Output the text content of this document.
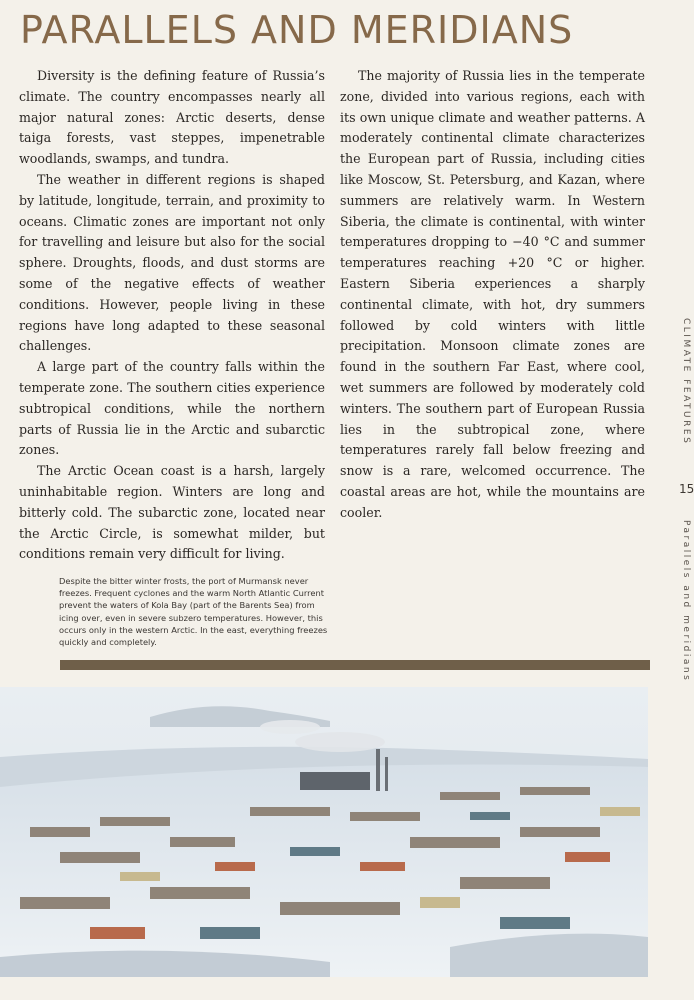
PARALLELS AND MERIDIANS

Diversity is the defining feature of Russia’s climate. The country encompasses nearly all major natural zones: Arctic deserts, dense taiga forests, vast steppes, impenetrable woodlands, swamps, and tundra.

The weather in different regions is shaped by latitude, longitude, terrain, and proximity to oceans. Climatic zones are important not only for travelling and leisure but also for the social sphere. Droughts, floods, and dust storms are some of the negative effects of weather conditions. However, people living in these regions have long adapted to these seasonal challenges.

A large part of the country falls within the temperate zone. The southern cities experience subtropical conditions, while the northern parts of Russia lie in the Arctic and subarctic zones.

The Arctic Ocean coast is a harsh, largely uninhabitable region. Winters are long and bitterly cold. The subarctic zone, located near the Arctic Circle, is somewhat milder, but conditions remain very difficult for living.

The majority of Russia lies in the temperate zone, divided into various regions, each with its own unique climate and weather patterns. A moderately continental climate characterizes the European part of Russia, including cities like Moscow, St. Petersburg, and Kazan, where summers are relatively warm. In Western Siberia, the climate is continental, with winter temperatures dropping to −40 °C and summer temperatures reaching +20 °C or higher. Eastern Siberia experiences a sharply continental climate, with hot, dry summers followed by cold winters with little precipitation. Monsoon climate zones are found in the southern Far East, where cool, wet summers are followed by moderately cold winters. The southern part of European Russia lies in the subtropical zone, where temperatures rarely fall below freezing and snow is a rare, welcomed occurrence. The coastal areas are hot, while the mountains are cooler.

CLIMATE FEATURES
15
Parallels and meridians

Despite the bitter winter frosts, the port of Murmansk never freezes. Frequent cyclones and the warm North Atlantic Current prevent the waters of Kola Bay (part of the Barents Sea) from icing over, even in severe subzero temperatures. However, this occurs only in the western Arctic. In the east, everything freezes quickly and completely.
